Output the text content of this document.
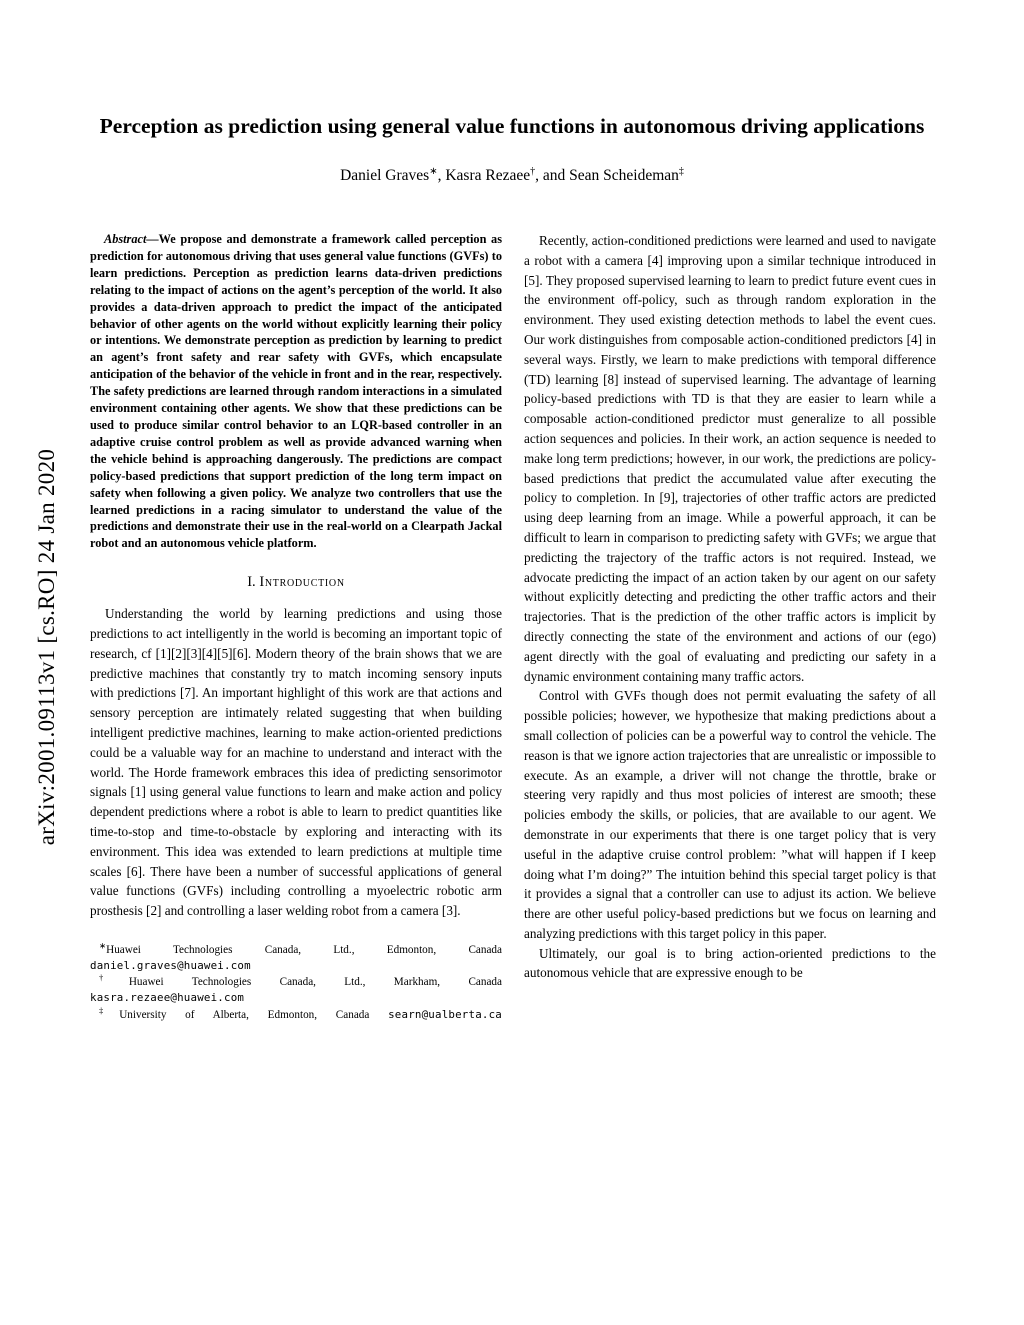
arXiv:2001.09113v1 [cs.RO] 24 Jan 2020
Perception as prediction using general value functions in autonomous driving applications
Daniel Graves∗, Kasra Rezaee†, and Sean Scheideman‡

Abstract—We propose and demonstrate a framework called perception as prediction for autonomous driving that uses general value functions (GVFs) to learn predictions. Perception as prediction learns data-driven predictions relating to the impact of actions on the agent’s perception of the world. It also provides a data-driven approach to predict the impact of the anticipated behavior of other agents on the world without explicitly learning their policy or intentions. We demonstrate perception as prediction by learning to predict an agent’s front safety and rear safety with GVFs, which encapsulate anticipation of the behavior of the vehicle in front and in the rear, respectively. The safety predictions are learned through random interactions in a simulated environment containing other agents. We show that these predictions can be used to produce similar control behavior to an LQR-based controller in an adaptive cruise control problem as well as provide advanced warning when the vehicle behind is approaching dangerously. The predictions are compact policy-based predictions that support prediction of the long term impact on safety when following a given policy. We analyze two controllers that use the learned predictions in a racing simulator to understand the value of the predictions and demonstrate their use in the real-world on a Clearpath Jackal robot and an autonomous vehicle platform.

I. Introduction

Understanding the world by learning predictions and using those predictions to act intelligently in the world is becoming an important topic of research, cf [1][2][3][4][5][6]. Modern theory of the brain shows that we are predictive machines that constantly try to match incoming sensory inputs with predictions [7]. An important highlight of this work are that actions and sensory perception are intimately related suggesting that when building intelligent predictive machines, learning to make action-oriented predictions could be a valuable way for an machine to understand and interact with the world. The Horde framework embraces this idea of predicting sensorimotor signals [1] using general value functions to learn and make action and policy dependent predictions where a robot is able to learn to predict quantities like time-to-stop and time-to-obstacle by exploring and interacting with its environment. This idea was extended to learn predictions at multiple time scales [6]. There have been a number of successful applications of general value functions (GVFs) including controlling a myoelectric robotic arm prosthesis [2] and controlling a laser welding robot from a camera [3].

∗Huawei Technologies Canada, Ltd., Edmonton, Canada
daniel.graves@huawei.com

†Huawei Technologies Canada, Ltd., Markham, Canada
kasra.rezaee@huawei.com

‡University of Alberta, Edmonton, Canada searn@ualberta.ca

Recently, action-conditioned predictions were learned and used to navigate a robot with a camera [4] improving upon a similar technique introduced in [5]. They proposed supervised learning to learn to predict future event cues in the environment off-policy, such as through random exploration in the environment. They used existing detection methods to label the event cues. Our work distinguishes from composable action-conditioned predictors [4] in several ways. Firstly, we learn to make predictions with temporal difference (TD) learning [8] instead of supervised learning. The advantage of learning policy-based predictions with TD is that they are easier to learn while a composable action-conditioned predictor must generalize to all possible action sequences and policies. In their work, an action sequence is needed to make long term predictions; however, in our work, the predictions are policy-based predictions that predict the accumulated value after executing the policy to completion. In [9], trajectories of other traffic actors are predicted using deep learning from an image. While a powerful approach, it can be difficult to learn in comparison to predicting safety with GVFs; we argue that predicting the trajectory of the traffic actors is not required. Instead, we advocate predicting the impact of an action taken by our agent on our safety without explicitly detecting and predicting the other traffic actors and their trajectories. That is the prediction of the other traffic actors is implicit by directly connecting the state of the environment and actions of our (ego) agent directly with the goal of evaluating and predicting our safety in a dynamic environment containing many traffic actors.

Control with GVFs though does not permit evaluating the safety of all possible policies; however, we hypothesize that making predictions about a small collection of policies can be a powerful way to control the vehicle. The reason is that we ignore action trajectories that are unrealistic or impossible to execute. As an example, a driver will not change the throttle, brake or steering very rapidly and thus most policies of interest are smooth; these policies embody the skills, or policies, that are available to our agent. We demonstrate in our experiments that there is one target policy that is very useful in the adaptive cruise control problem: ”what will happen if I keep doing what I’m doing?” The intuition behind this special target policy is that it provides a signal that a controller can use to adjust its action. We believe there are other useful policy-based predictions but we focus on learning and analyzing predictions with this target policy in this paper.

Ultimately, our goal is to bring action-oriented predictions to the autonomous vehicle that are expressive enough to be
